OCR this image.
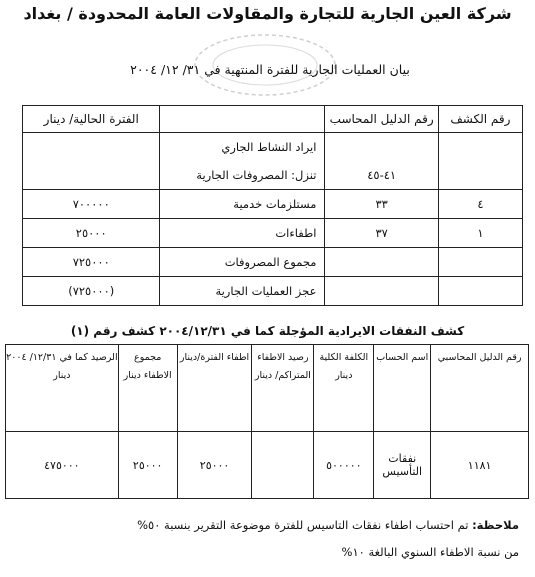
شركة العين الجارية للتجارة والمقاولات العامة المحدودة / بغداد
بيان العمليات الجارية للفترة المنتهية في ٣١/ ١٢/ ٢٠٠٤
رقم الكشف	رقم الدليل المحاسب		الفترة الحالية/ دينار
		ايراد النشاط الجاري	
	٤١-٤٥	تنزل: المصروفات الجارية	
٤	٣٣	مستلزمات خدمية	٧٠٠٠٠٠
١	٣٧	اطفاءات	٢٥٠٠٠
		مجموع المصروفات	٧٢٥٠٠٠
		عجز العمليات الجارية	(٧٢٥٠٠٠)
كشف النفقات الايرادية المؤجلة كما في ٢٠٠٤/١٢/٣١ كشف رقم (١)
رقم الدليل المحاسبي	اسم الحساب	الكلفة الكلية دينار	رصيد الاطفاء المتراكم/ دينار	اطفاء الفترة/دينار	مجموع الاطفاء دينار	الرصيد كما في ١٢/٣١/ ٢٠٠٤ دينار
١١٨١	نفقات التأسيس	٥٠٠٠٠٠		٢٥٠٠٠	٢٥٠٠٠	٤٧٥٠٠٠
ملاحظة: تم احتساب اطفاء نفقات التاسيس للفترة موضوعة التقرير بنسبة ٥٠%
من نسبة الاطفاء السنوي البالغة ١٠%
